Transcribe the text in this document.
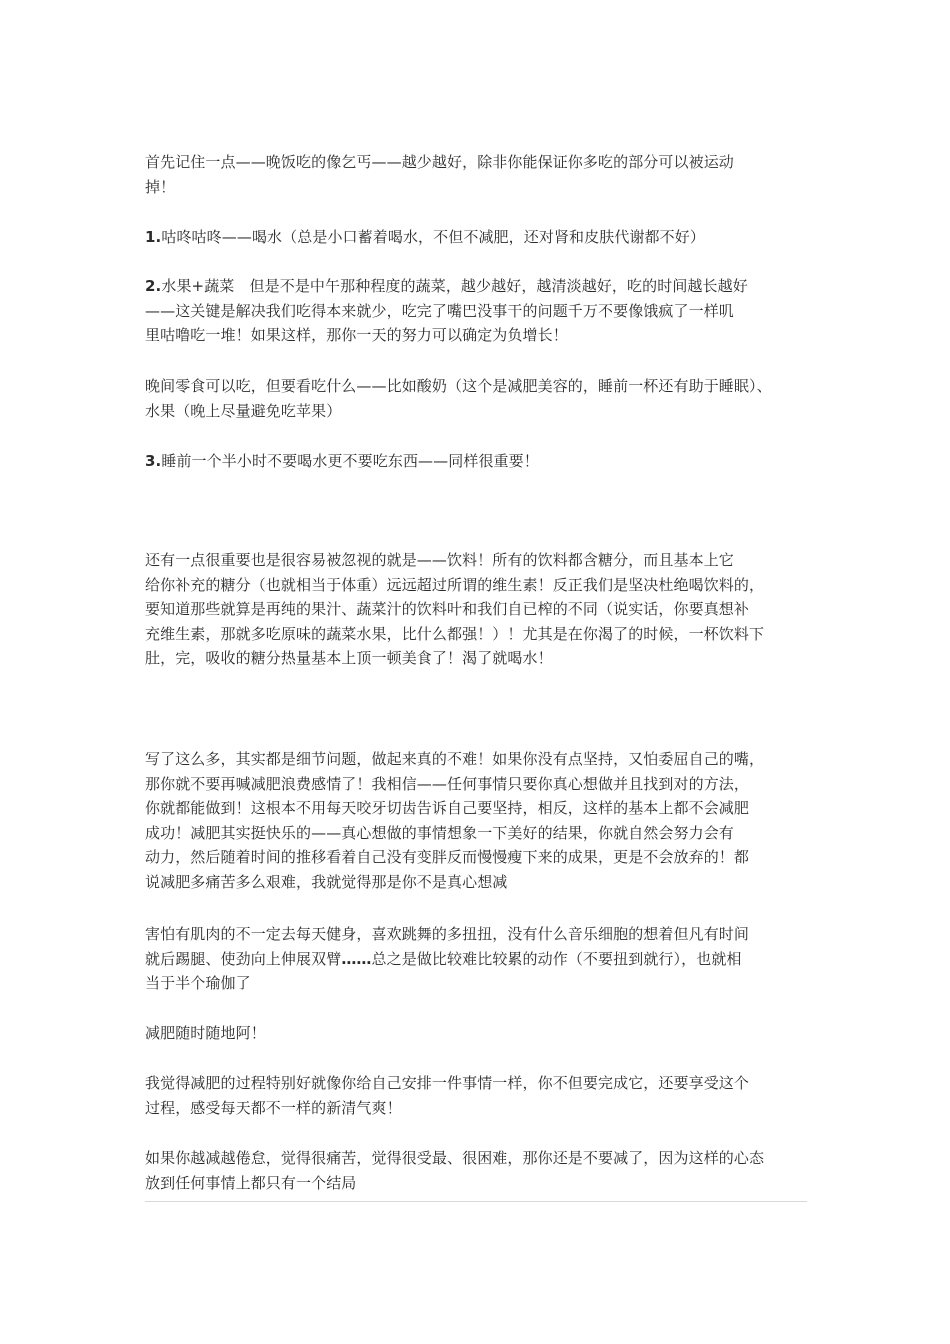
首先记住一点——晚饭吃的像乞丐——越少越好，除非你能保证你多吃的部分可以被运动
掉！

1.咕咚咕咚——喝水（总是小口蓄着喝水，不但不减肥，还对肾和皮肤代谢都不好）

2.水果+蔬菜　但是不是中午那种程度的蔬菜，越少越好，越清淡越好，吃的时间越长越好
——这关键是解决我们吃得本来就少，吃完了嘴巴没事干的问题千万不要像饿疯了一样叽
里咕噜吃一堆！如果这样，那你一天的努力可以确定为负增长！

晚间零食可以吃，但要看吃什么——比如酸奶（这个是减肥美容的，睡前一杯还有助于睡眠）、
水果（晚上尽量避免吃苹果）

3.睡前一个半小时不要喝水更不要吃东西——同样很重要！

还有一点很重要也是很容易被忽视的就是——饮料！所有的饮料都含糖分，而且基本上它
给你补充的糖分（也就相当于体重）远远超过所谓的维生素！反正我们是坚决杜绝喝饮料的，
要知道那些就算是再纯的果汁、蔬菜汁的饮料叶和我们自已榨的不同（说实话，你要真想补
充维生素，那就多吃原味的蔬菜水果，比什么都强！）！尤其是在你渴了的时候，一杯饮料下
肚，完，吸收的糖分热量基本上顶一顿美食了！渴了就喝水！

写了这么多，其实都是细节问题，做起来真的不难！如果你没有点坚持，又怕委屈自己的嘴，
那你就不要再喊减肥浪费感情了！我相信——任何事情只要你真心想做并且找到对的方法，
你就都能做到！这根本不用每天咬牙切齿告诉自己要坚持，相反，这样的基本上都不会减肥
成功！减肥其实挺快乐的——真心想做的事情想象一下美好的结果，你就自然会努力会有
动力，然后随着时间的推移看着自己没有变胖反而慢慢瘦下来的成果，更是不会放弃的！都
说减肥多痛苦多么艰难，我就觉得那是你不是真心想减

害怕有肌肉的不一定去每天健身，喜欢跳舞的多扭扭，没有什么音乐细胞的想着但凡有时间
就后踢腿、使劲向上伸展双臂……总之是做比较难比较累的动作（不要扭到就行），也就相
当于半个瑜伽了

减肥随时随地阿！

我觉得减肥的过程特别好就像你给自己安排一件事情一样，你不但要完成它，还要享受这个
过程，感受每天都不一样的新清气爽！

如果你越减越倦怠，觉得很痛苦，觉得很受最、很困难，那你还是不要减了，因为这样的心态
放到任何事情上都只有一个结局
